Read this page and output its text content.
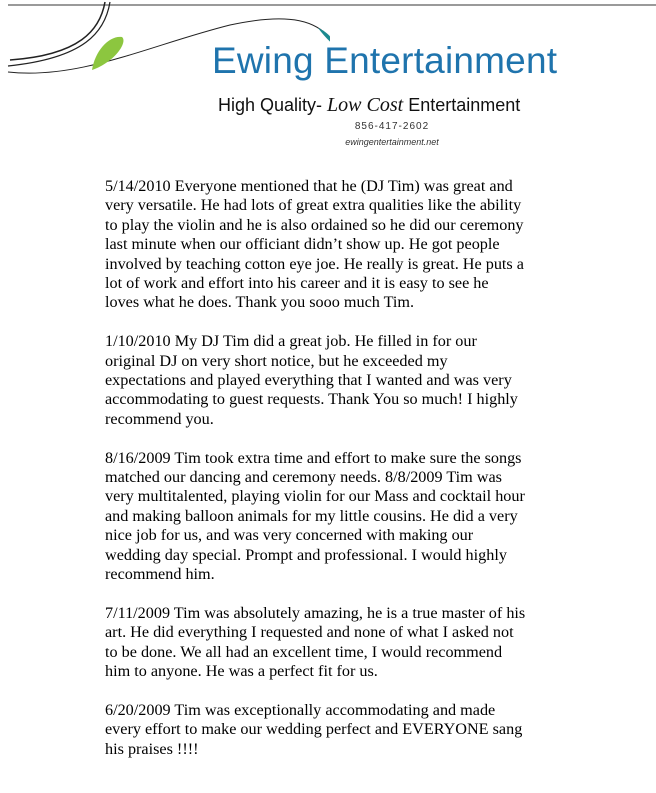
Ewing Entertainment
High Quality- Low Cost Entertainment
856-417-2602
ewingentertainment.net
5/14/2010 Everyone mentioned that he (DJ Tim) was great and
very versatile. He had lots of great extra qualities like the ability
to play the violin and he is also ordained so he did our ceremony
last minute when our officiant didn’t show up. He got people
involved by teaching cotton eye joe. He really is great. He puts a
lot of work and effort into his career and it is easy to see he
loves what he does. Thank you sooo much Tim.
1/10/2010 My DJ Tim did a great job. He filled in for our
original DJ on very short notice, but he exceeded my
expectations and played everything that I wanted and was very
accommodating to guest requests. Thank You so much! I highly
recommend you.
8/16/2009 Tim took extra time and effort to make sure the songs
matched our dancing and ceremony needs. 8/8/2009 Tim was
very multitalented, playing violin for our Mass and cocktail hour
and making balloon animals for my little cousins. He did a very
nice job for us, and was very concerned with making our
wedding day special. Prompt and professional. I would highly
recommend him.
7/11/2009 Tim was absolutely amazing, he is a true master of his
art. He did everything I requested and none of what I asked not
to be done. We all had an excellent time, I would recommend
him to anyone. He was a perfect fit for us.
6/20/2009 Tim was exceptionally accommodating and made
every effort to make our wedding perfect and EVERYONE sang
his praises !!!!
